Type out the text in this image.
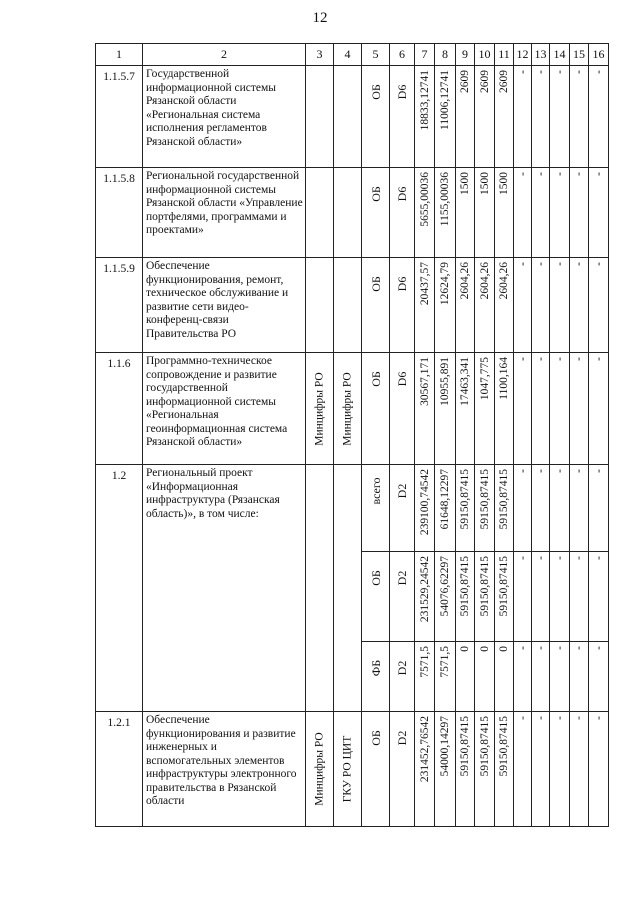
12
1	2	3	4	5	6	7	8	9	10	11	12	13	14	15	16
1.1.5.7	Государственной информационной системы Рязанской области «Региональная система исполнения регламентов Рязанской области»			ОБ	D6	18833,12741	11006,12741	2609	2609	2609	-	-	-	-	-

1.1.5.8	Региональной государственной информационной системы Рязанской области «Управление портфелями, программами и проектами»			ОБ	D6	5655,00036	1155,00036	1500	1500	1500	-	-	-	-	-

1.1.5.9	Обеспечение функционирования, ремонт, техническое обслуживание и развитие сети видео-конференц-связи Правительства РО			ОБ	D6	20437,57	12624,79	2604,26	2604,26	2604,26	-	-	-	-	-

1.1.6	Программно-техническое сопровождение и развитие государственной информационной системы «Региональная геоинформационная система Рязанской области»	Минцифры РО	Минцифры РО	ОБ	D6	30567,171	10955,891	17463,341	1047,775	1100,164	-	-	-	-	-

1.2	Региональный проект «Информационная инфраструктура (Рязанская область)», в том числе:			всего	D2	239100,74542	61648,12297	59150,87415	59150,87415	59150,87415	-	-	-	-	-

				ОБ	D2	231529,24542	54076,62297	59150,87415	59150,87415	59150,87415	-	-	-	-	-

				ФБ	D2	7571,5	7571,5	0	0	0	-	-	-	-	-

1.2.1	Обеспечение функционирования и развитие инженерных и вспомогательных элементов инфраструктуры электронного правительства в Рязанской области	Минцифры РО	ГКУ РО ЦИТ	ОБ	D2	231452,76542	54000,14297	59150,87415	59150,87415	59150,87415	-	-	-	-	-
